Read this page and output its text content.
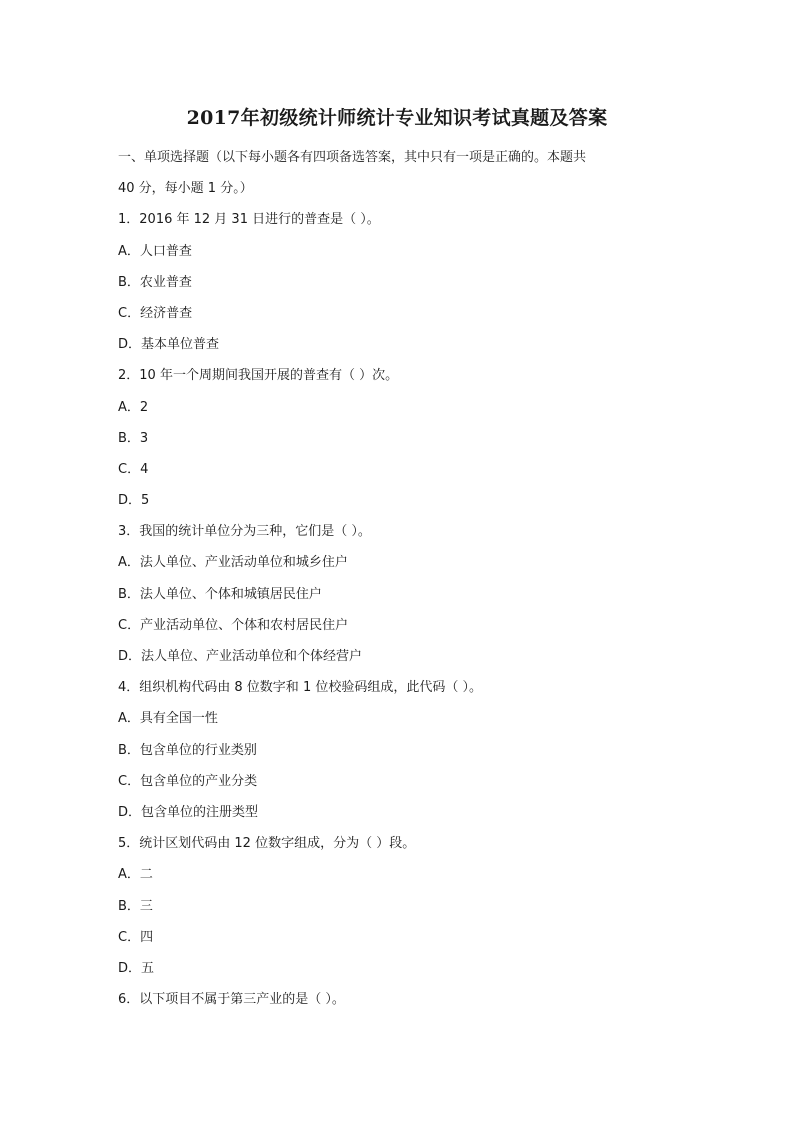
2017年初级统计师统计专业知识考试真题及答案

一、单项选择题（以下每小题各有四项备选答案，其中只有一项是正确的。本题共

40 分，每小题 1 分。）

1．2016 年 12 月 31 日进行的普查是（ ）。

A．人口普查

B．农业普查

C．经济普查

D．基本单位普查

2．10 年一个周期间我国开展的普查有（ ）次。

A．2

B．3

C．4

D．5

3．我国的统计单位分为三种，它们是（ ）。

A．法人单位、产业活动单位和城乡住户

B．法人单位、个体和城镇居民住户

C．产业活动单位、个体和农村居民住户

D．法人单位、产业活动单位和个体经营户

4．组织机构代码由 8 位数字和 1 位校验码组成，此代码（ ）。

A．具有全国一性

B．包含单位的行业类别

C．包含单位的产业分类

D．包含单位的注册类型

5．统计区划代码由 12 位数字组成，分为（ ）段。

A．二

B．三

C．四

D．五

6．以下项目不属于第三产业的是（ ）。
